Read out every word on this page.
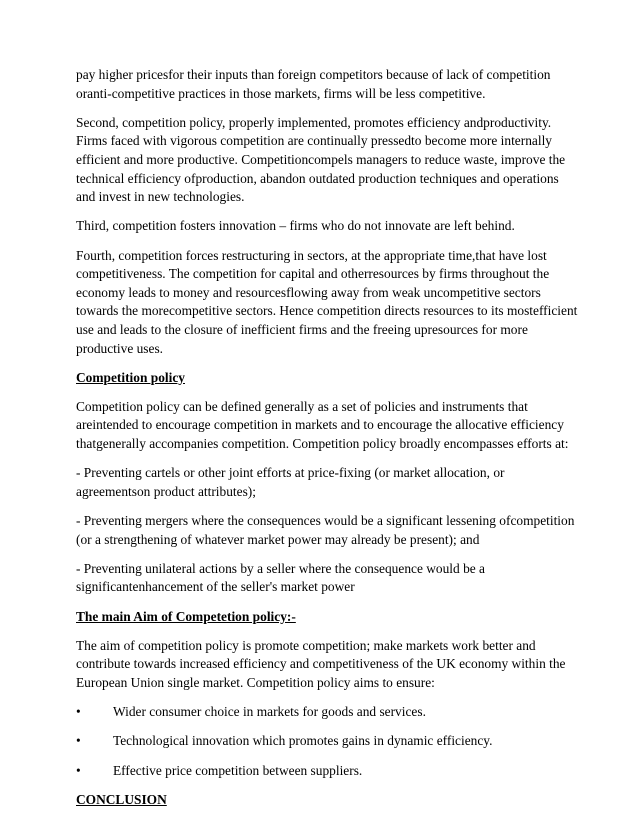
pay higher pricesfor their inputs than foreign competitors because of lack of competition oranti-competitive practices in those markets, firms will be less competitive.

Second, competition policy, properly implemented, promotes efficiency andproductivity. Firms faced with vigorous competition are continually pressedto become more internally efficient and more productive. Competitioncompels managers to reduce waste, improve the technical efficiency ofproduction, abandon outdated production techniques and operations and invest in new technologies.

Third, competition fosters innovation – firms who do not innovate are left behind.

Fourth, competition forces restructuring in sectors, at the appropriate time,that have lost competitiveness. The competition for capital and otherresources by firms throughout the economy leads to money and resourcesflowing away from weak uncompetitive sectors towards the morecompetitive sectors. Hence competition directs resources to its mostefficient use and leads to the closure of inefficient firms and the freeing upresources for more productive uses.

Competition policy

Competition policy can be defined generally as a set of policies and instruments that areintended to encourage competition in markets and to encourage the allocative efficiency thatgenerally accompanies competition. Competition policy broadly encompasses efforts at:

- Preventing cartels or other joint efforts at price-fixing (or market allocation, or agreementson product attributes);

- Preventing mergers where the consequences would be a significant lessening ofcompetition (or a strengthening of whatever market power may already be present); and

- Preventing unilateral actions by a seller where the consequence would be a significantenhancement of the seller's market power

The main Aim of Competetion policy:-

The aim of competition policy is promote competition; make markets work better and contribute towards increased efficiency and competitiveness of the UK economy within the European Union single market. Competition policy aims to ensure:

•	Wider consumer choice in markets for goods and services.
•	Technological innovation which promotes gains in dynamic efficiency.
•	Effective price competition between suppliers.
CONCLUSION
